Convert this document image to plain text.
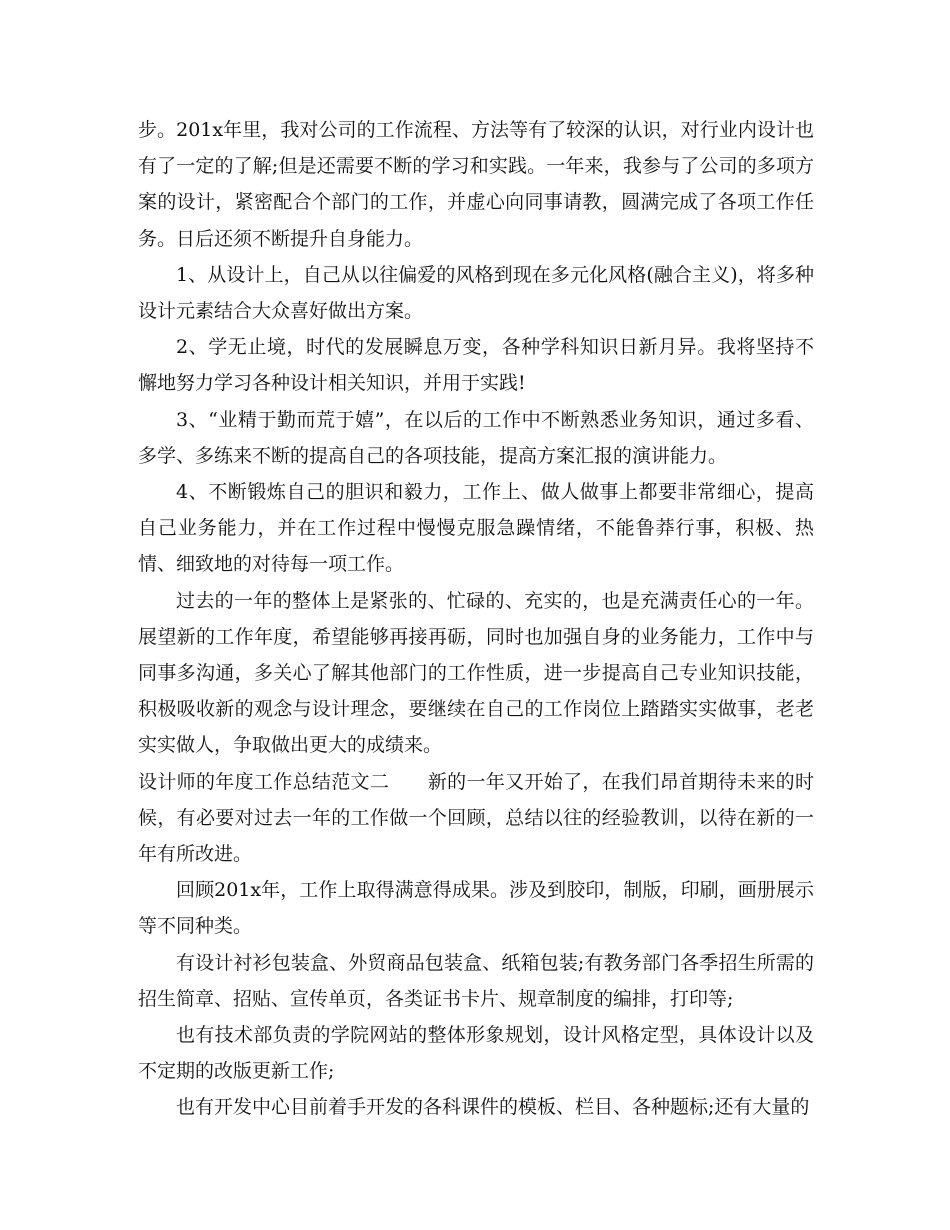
步。201x年里，我对公司的工作流程、方法等有了较深的认识，对行业内设计也有了一定的了解;但是还需要不断的学习和实践。一年来，我参与了公司的多项方案的设计，紧密配合个部门的工作，并虚心向同事请教，圆满完成了各项工作任务。日后还须不断提升自身能力。

1、从设计上，自己从以往偏爱的风格到现在多元化风格(融合主义)，将多种设计元素结合大众喜好做出方案。

2、学无止境，时代的发展瞬息万变，各种学科知识日新月异。我将坚持不懈地努力学习各种设计相关知识，并用于实践!

3、“业精于勤而荒于嬉”，在以后的工作中不断熟悉业务知识，通过多看、多学、多练来不断的提高自己的各项技能，提高方案汇报的演讲能力。

4、不断锻炼自己的胆识和毅力，工作上、做人做事上都要非常细心，提高自己业务能力，并在工作过程中慢慢克服急躁情绪，不能鲁莽行事，积极、热情、细致地的对待每一项工作。

过去的一年的整体上是紧张的、忙碌的、充实的，也是充满责任心的一年。展望新的工作年度，希望能够再接再砺，同时也加强自身的业务能力，工作中与同事多沟通，多关心了解其他部门的工作性质，进一步提高自己专业知识技能，积极吸收新的观念与设计理念，要继续在自己的工作岗位上踏踏实实做事，老老实实做人，争取做出更大的成绩来。

设计师的年度工作总结范文二　　新的一年又开始了，在我们昂首期待未来的时候，有必要对过去一年的工作做一个回顾，总结以往的经验教训，以待在新的一年有所改进。

回顾201x年，工作上取得满意得成果。涉及到胶印，制版，印刷，画册展示等不同种类。

有设计衬衫包装盒、外贸商品包装盒、纸箱包装;有教务部门各季招生所需的招生简章、招贴、宣传单页，各类证书卡片、规章制度的编排，打印等;

也有技术部负责的学院网站的整体形象规划，设计风格定型，具体设计以及不定期的改版更新工作;

也有开发中心目前着手开发的各科课件的模板、栏目、各种题标;还有大量的
